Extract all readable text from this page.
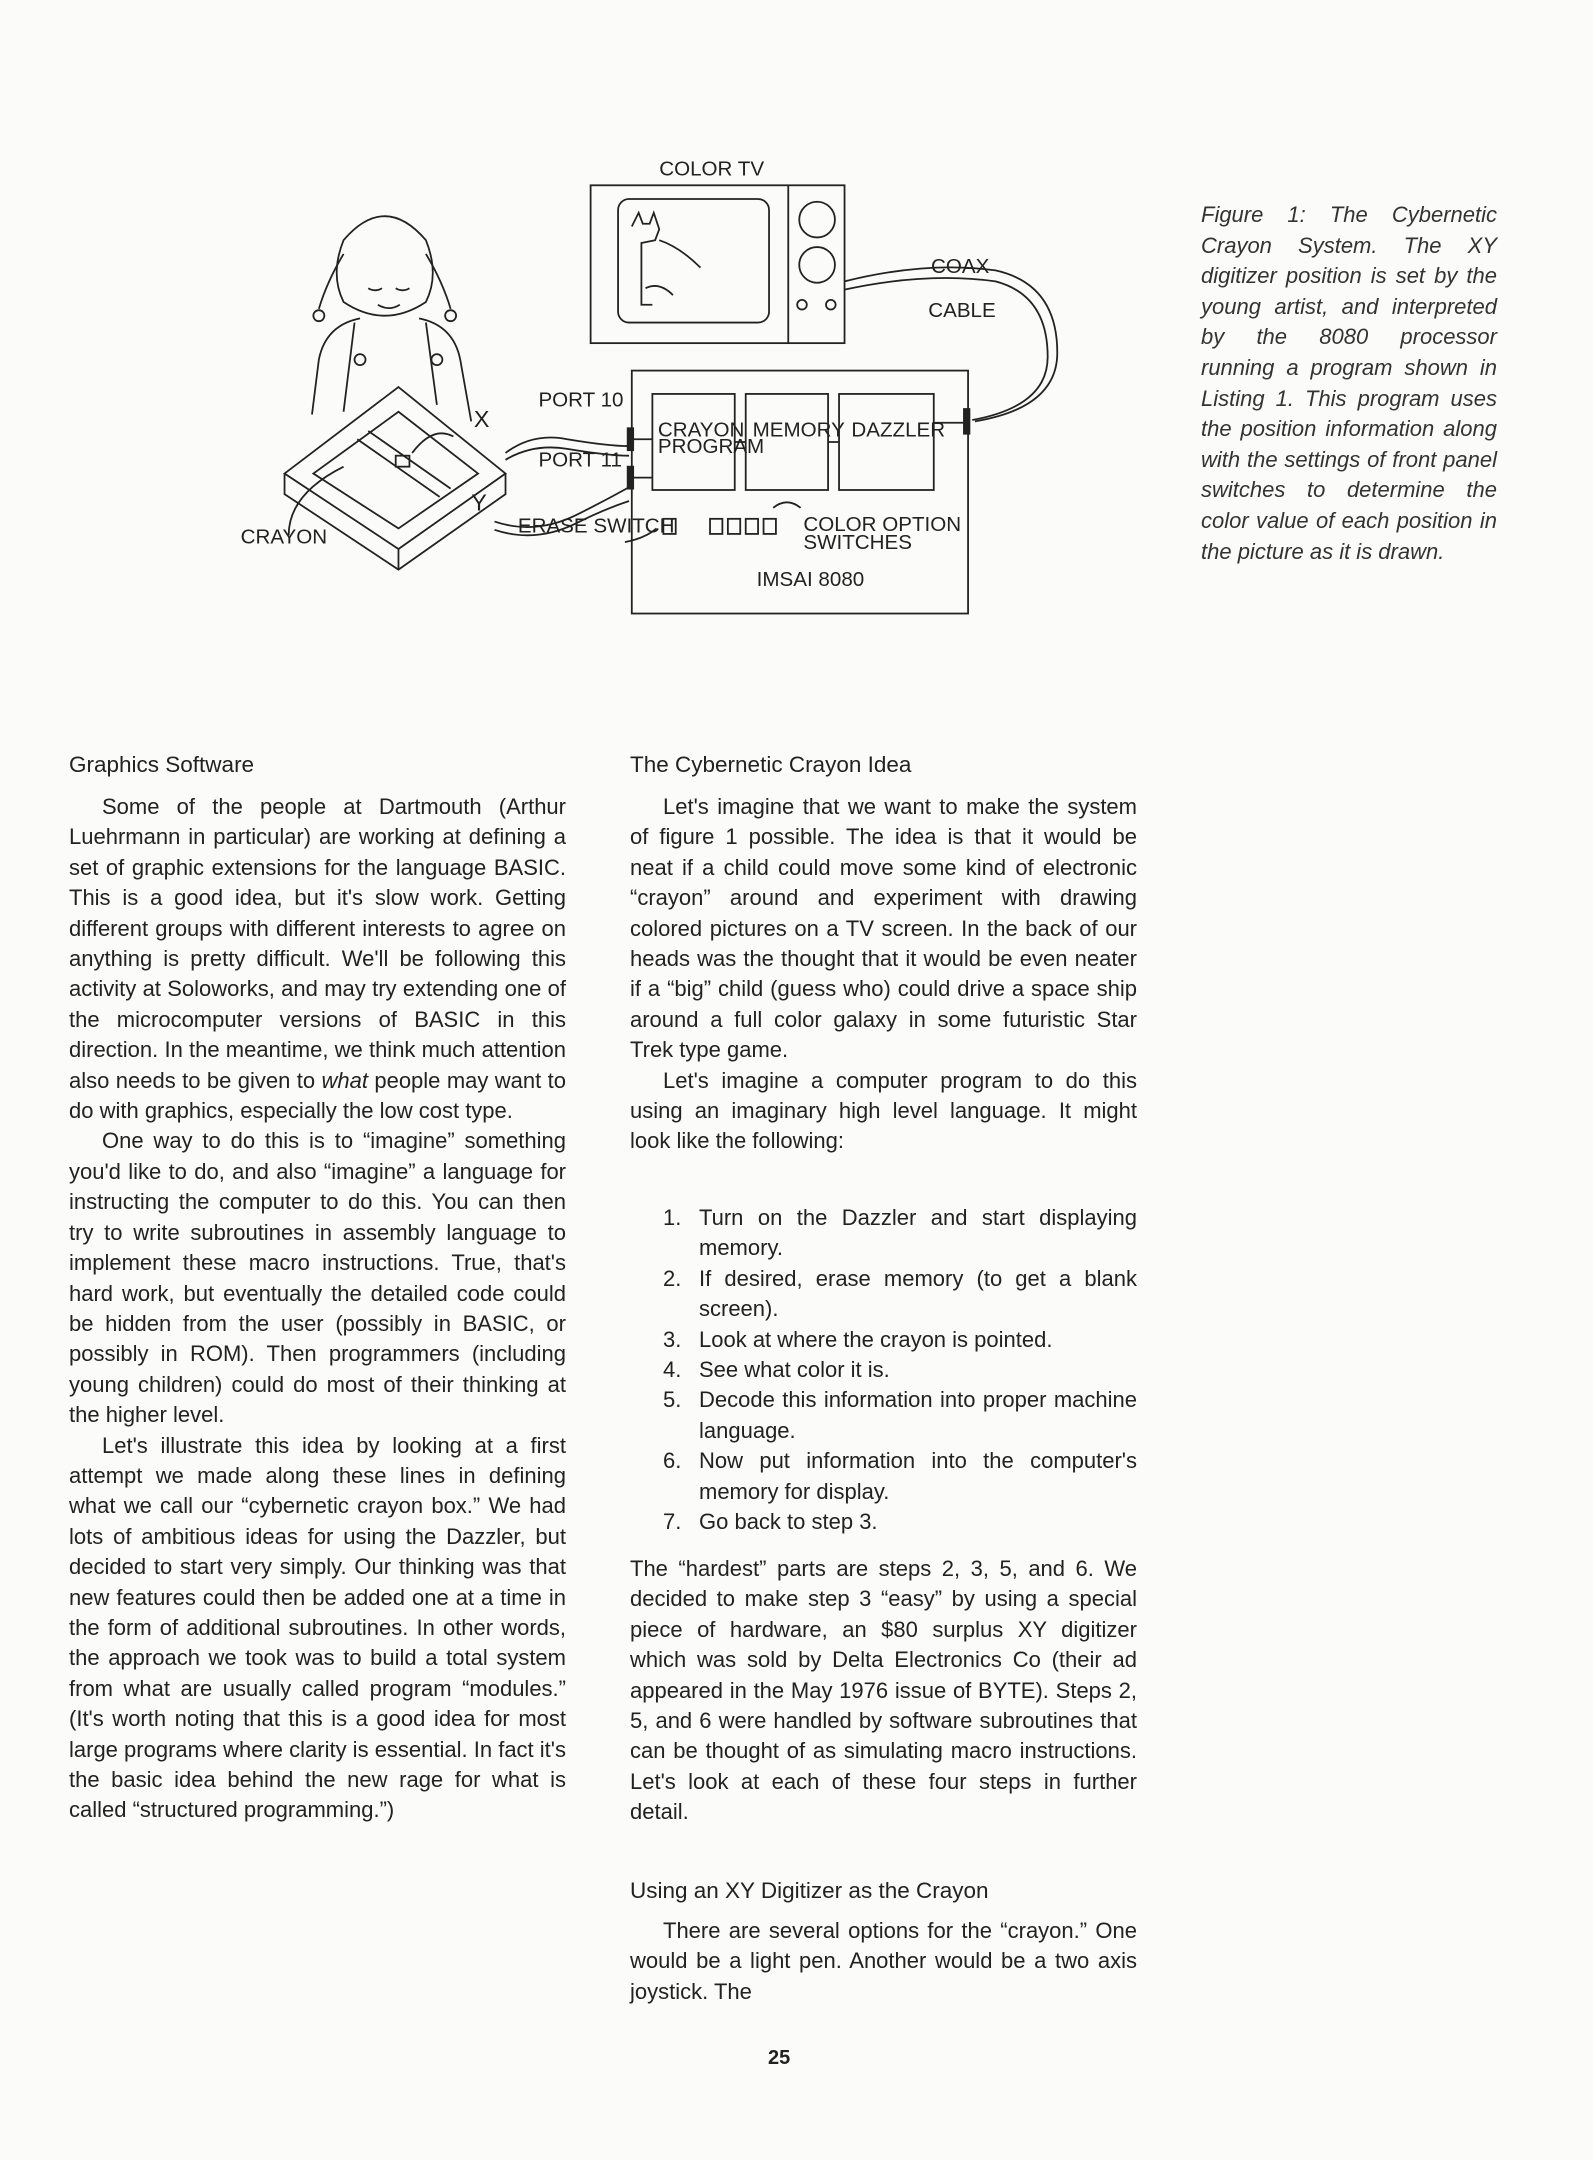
COLOR TV
COAX
CABLE
PORT 10
PORT 11
CRAYON
PROGRAM
MEMORY DAZZLER
ERASE SWITCH	COLOR OPTION
SWITCHES
IMSAI 8080
CRAYON
X
Y
Figure 1: The Cybernetic Crayon System. The XY digitizer position is set by the young artist, and interpreted by the 8080 processor running a program shown in Listing 1. This program uses the position information along with the settings of front panel switches to determine the color value of each position in the picture as it is drawn.
Graphics Software

Some of the people at Dartmouth (Arthur Luehrmann in particular) are working at defining a set of graphic extensions for the language BASIC. This is a good idea, but it's slow work. Getting different groups with different interests to agree on anything is pretty difficult. We'll be following this activity at Soloworks, and may try extending one of the microcomputer versions of BASIC in this direction. In the meantime, we think much attention also needs to be given to what people may want to do with graphics, especially the low cost type.

One way to do this is to “imagine” something you'd like to do, and also “imagine” a language for instructing the computer to do this. You can then try to write subroutines in assembly language to implement these macro instructions. True, that's hard work, but eventually the detailed code could be hidden from the user (possibly in BASIC, or possibly in ROM). Then programmers (including young children) could do most of their thinking at the higher level.

Let's illustrate this idea by looking at a first attempt we made along these lines in defining what we call our “cybernetic crayon box.” We had lots of ambitious ideas for using the Dazzler, but decided to start very simply. Our thinking was that new features could then be added one at a time in the form of additional subroutines. In other words, the approach we took was to build a total system from what are usually called program “modules.” (It's worth noting that this is a good idea for most large programs where clarity is essential. In fact it's the basic idea behind the new rage for what is called “structured programming.”)

The Cybernetic Crayon Idea

Let's imagine that we want to make the system of figure 1 possible. The idea is that it would be neat if a child could move some kind of electronic “crayon” around and experiment with drawing colored pictures on a TV screen. In the back of our heads was the thought that it would be even neater if a “big” child (guess who) could drive a space ship around a full color galaxy in some futuristic Star Trek type game.

Let's imagine a computer program to do this using an imaginary high level language. It might look like the following:

1. Turn on the Dazzler and start displaying memory.
2. If desired, erase memory (to get a blank screen).
3. Look at where the crayon is pointed.
4. See what color it is.
5. Decode this information into proper machine language.
6. Now put information into the computer's memory for display.
7. Go back to step 3.

The “hardest” parts are steps 2, 3, 5, and 6. We decided to make step 3 “easy” by using a special piece of hardware, an $80 surplus XY digitizer which was sold by Delta Electronics Co (their ad appeared in the May 1976 issue of BYTE). Steps 2, 5, and 6 were handled by software subroutines that can be thought of as simulating macro instructions. Let's look at each of these four steps in further detail.

Using an XY Digitizer as the Crayon

There are several options for the “crayon.” One would be a light pen. Another would be a two axis joystick. The

25
